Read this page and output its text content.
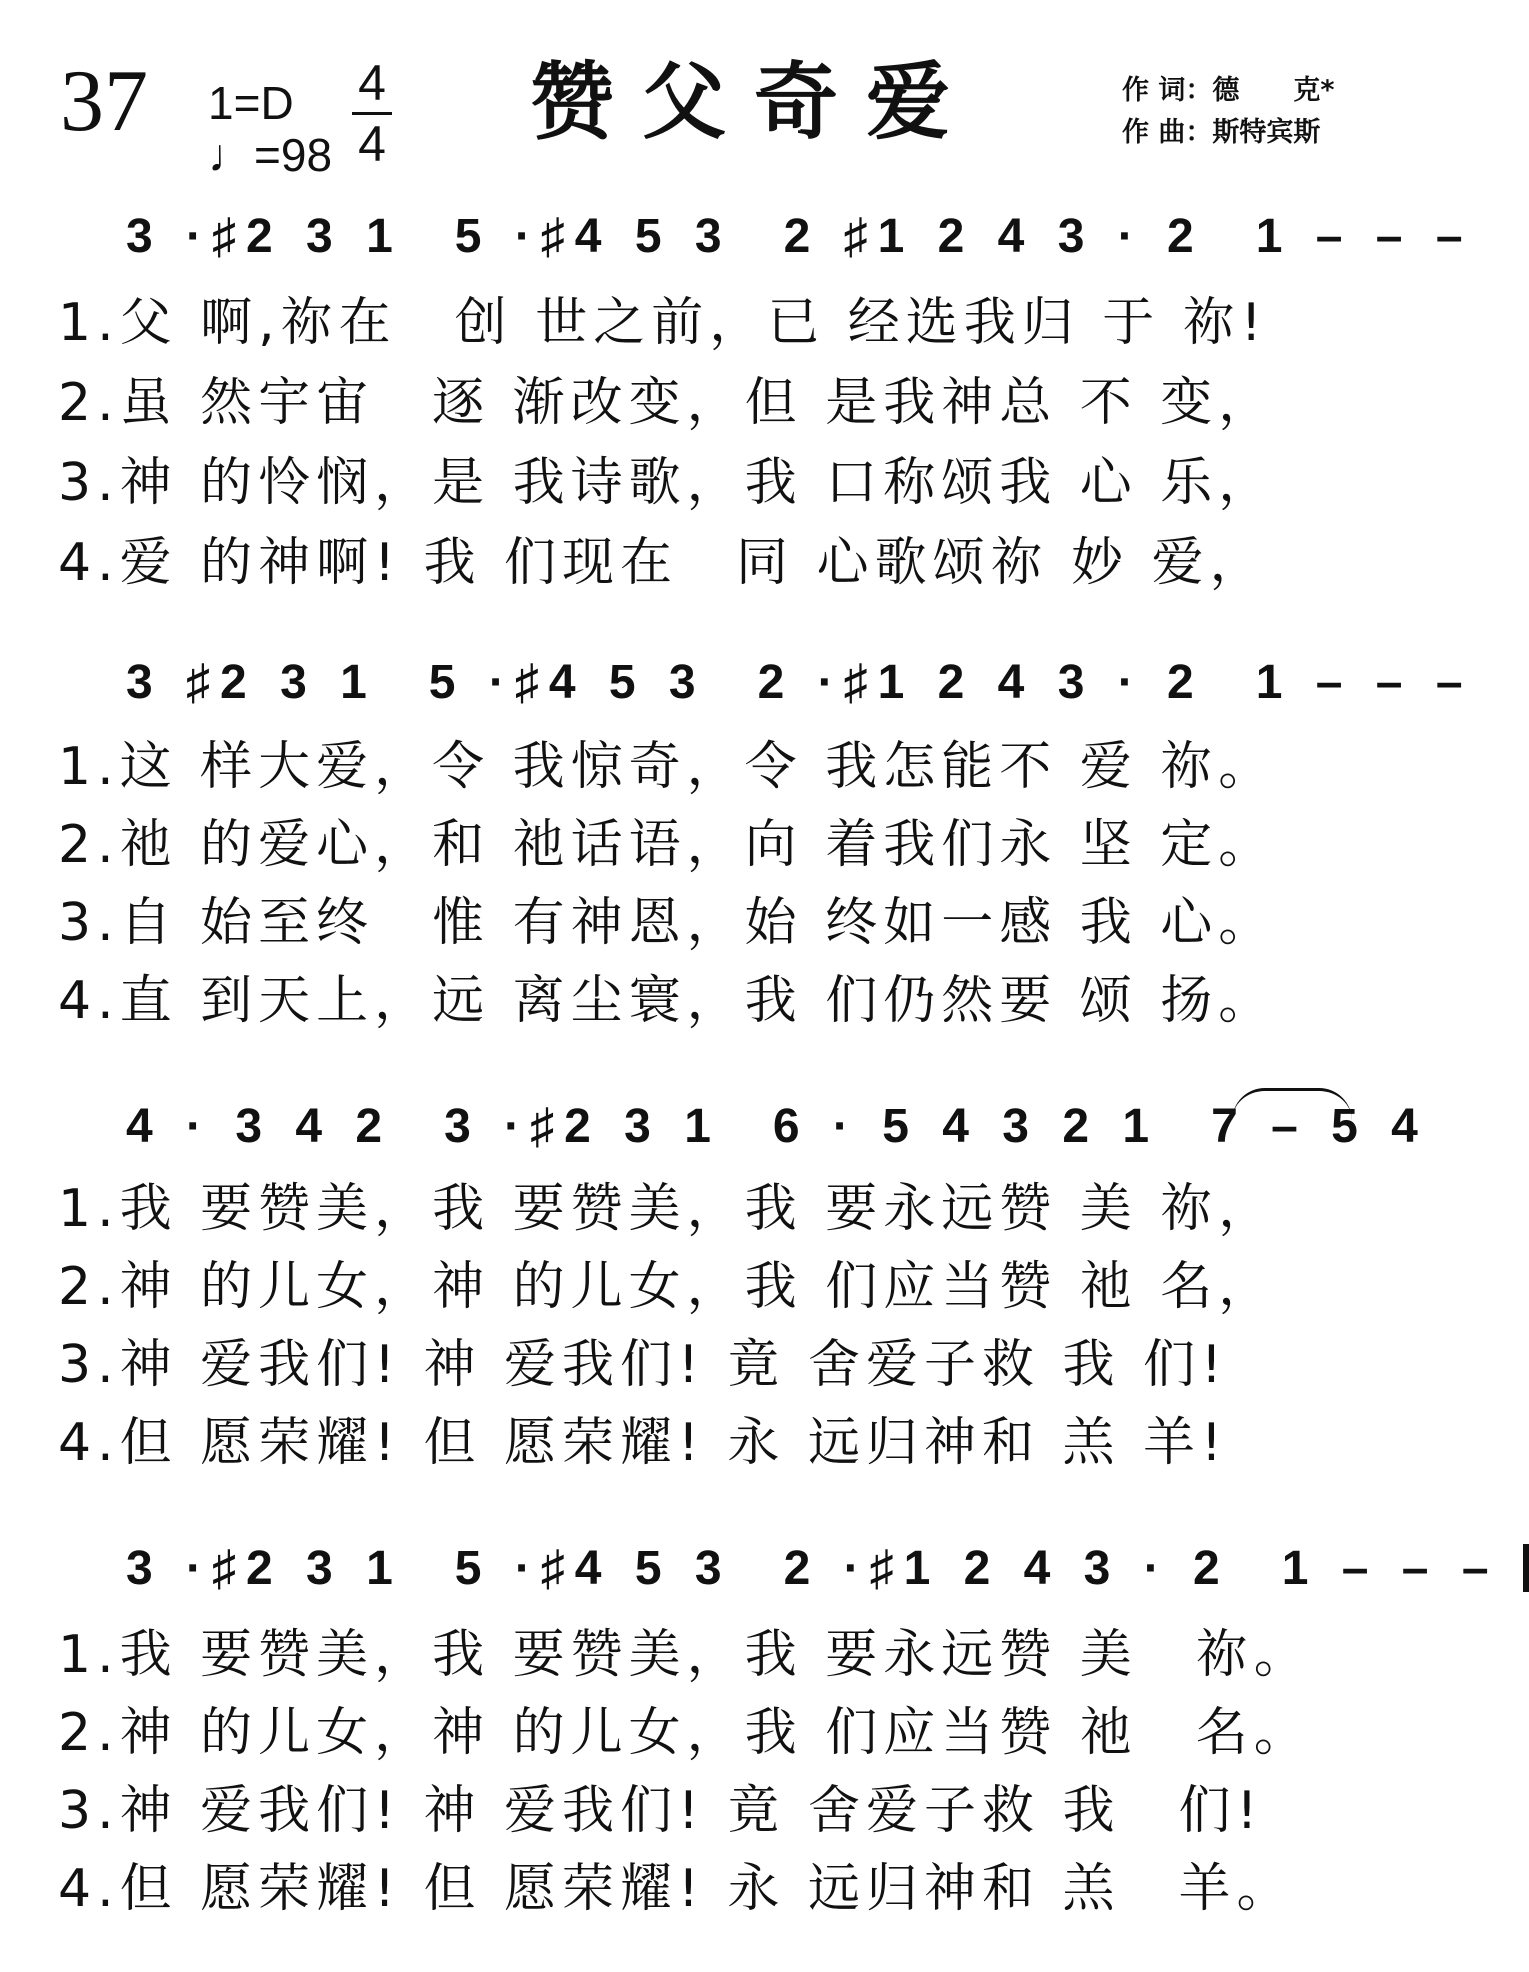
37 1=D
♩=98
4
4 赞父奇爱	作 词：德　　克*
作 曲：斯特宾斯
3 ·♯2 3 1 5 ·♯4 5 3 2 ♯1 2 4 3 · 2 1 – – –
1.父 啊,祢在　创 世之前，已 经选我归 于 祢!
2.虽 然宇宙　逐 渐改变，但 是我神总 不 变，
3.神 的怜悯，是 我诗歌，我 口称颂我 心 乐，
4.爱 的神啊! 我 们现在　同 心歌颂祢 妙 爱，
3 ♯2 3 1 5 ·♯4 5 3 2 ·♯1 2 4 3 · 2 1 – – –
1.这 样大爱，令 我惊奇，令 我怎能不 爱 祢。
2.祂 的爱心，和 祂话语，向 着我们永 坚 定。
3.自 始至终　惟 有神恩，始 终如一感 我 心。
4.直 到天上，远 离尘寰，我 们仍然要 颂 扬。
4 · 3 4 2 3 ·♯2 3 1 6 · 5 4 3 2 1 7 – 5 4
1.我 要赞美，我 要赞美，我 要永远赞 美 祢，
2.神 的儿女，神 的儿女，我 们应当赞 祂 名，
3.神 爱我们! 神 爱我们! 竟 舍爱子救 我 们!
4.但 愿荣耀! 但 愿荣耀! 永 远归神和 羔 羊!
3 ·♯2 3 1 5 ·♯4 5 3 2 ·♯1 2 4 3 · 2 1 – – –
1.我 要赞美，我 要赞美，我 要永远赞 美　祢。
2.神 的儿女，神 的儿女，我 们应当赞 祂　名。
3.神 爱我们! 神 爱我们! 竟 舍爱子救 我　们!
4.但 愿荣耀! 但 愿荣耀! 永 远归神和 羔　羊。
